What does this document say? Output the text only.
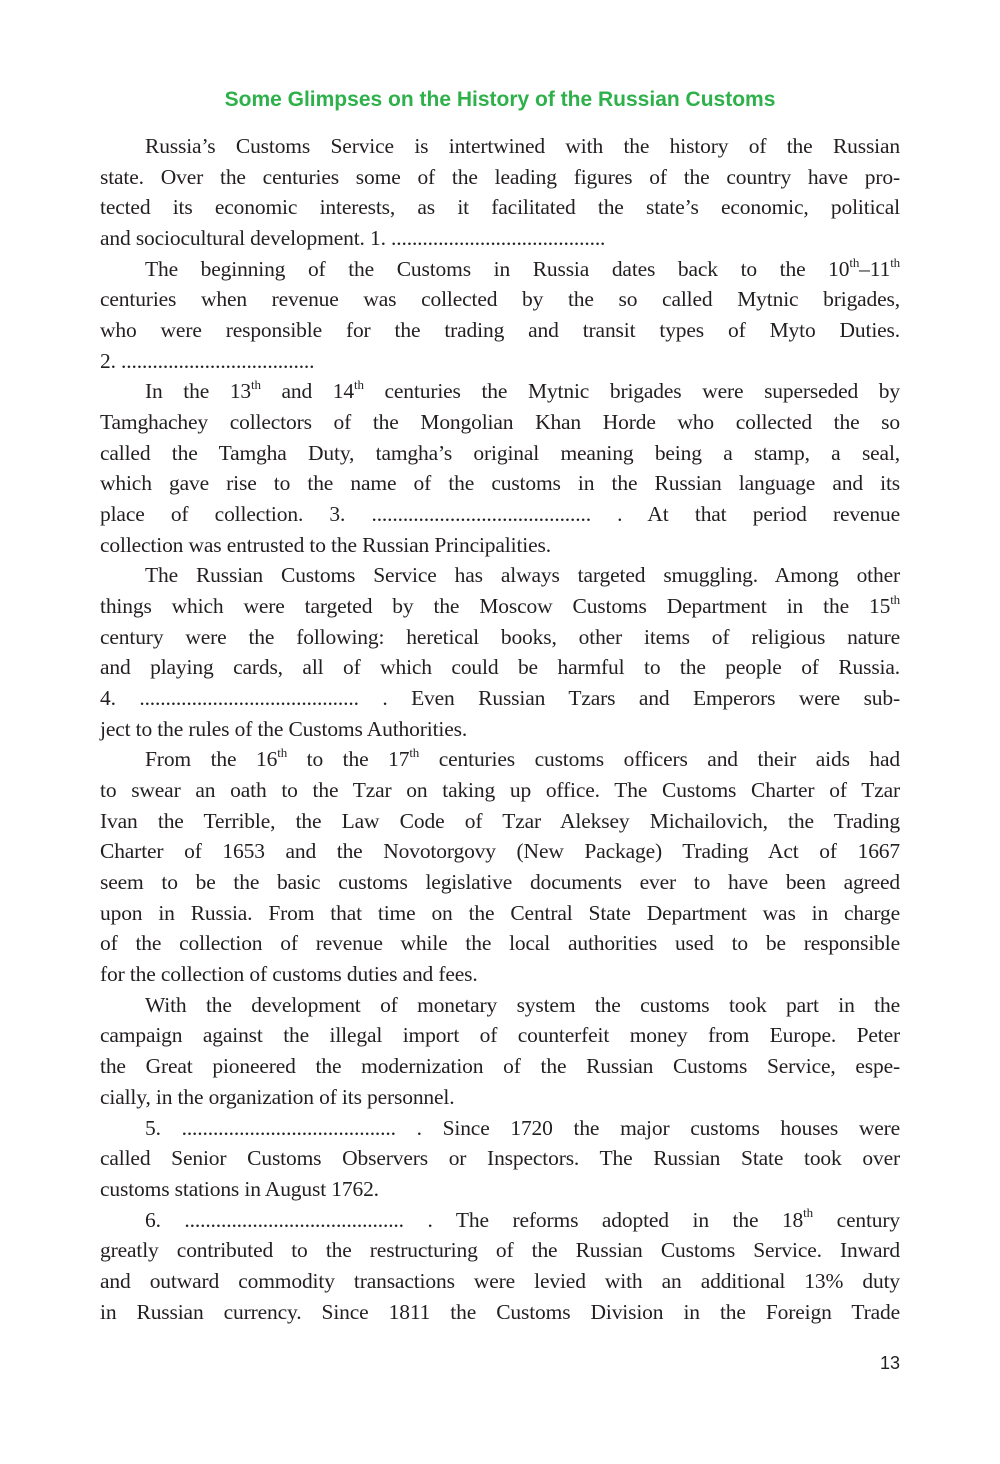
Some Glimpses on the History of the Russian Customs
Russia’s Customs Service is intertwined with the history of the Russian
state. Over the centuries some of the leading figures of the country have pro-
tected its economic interests, as it facilitated the state’s economic, political
and sociocultural development. 1. .........................................
The beginning of the Customs in Russia dates back to the 10th–11th
centuries when revenue was collected by the so called Mytnic brigades,
who were responsible for the trading and transit types of Myto Duties.
2. .....................................
In the 13th and 14th centuries the Mytnic brigades were superseded by
Tamghachey collectors of the Mongolian Khan Horde who collected the so
called the Tamgha Duty, tamgha’s original meaning being a stamp, a seal,
which gave rise to the name of the customs in the Russian language and its
place of collection. 3. .......................................... . At that period revenue
collection was entrusted to the Russian Principalities.
The Russian Customs Service has always targeted smuggling. Among other
things which were targeted by the Moscow Customs Department in the 15th
century were the following: heretical books, other items of religious nature
and playing cards, all of which could be harmful to the people of Russia.
4. .......................................... . Even Russian Tzars and Emperors were sub-
ject to the rules of the Customs Authorities.
From the 16th to the 17th centuries customs officers and their aids had
to swear an oath to the Tzar on taking up office. The Customs Charter of Tzar
Ivan the Terrible, the Law Code of Tzar Aleksey Michailovich, the Trading
Charter of 1653 and the Novotorgovy (New Package) Trading Act of 1667
seem to be the basic customs legislative documents ever to have been agreed
upon in Russia. From that time on the Central State Department was in charge
of the collection of revenue while the local authorities used to be responsible
for the collection of customs duties and fees.
With the development of monetary system the customs took part in the
campaign against the illegal import of counterfeit money from Europe. Peter
the Great pioneered the modernization of the Russian Customs Service, espe-
cially, in the organization of its personnel.
5. ......................................... . Since 1720 the major customs houses were
called Senior Customs Observers or Inspectors. The Russian State took over
customs stations in August 1762.
6. .......................................... . The reforms adopted in the 18th century
greatly contributed to the restructuring of the Russian Customs Service. Inward
and outward commodity transactions were levied with an additional 13% duty
in Russian currency. Since 1811 the Customs Division in the Foreign Trade
13
